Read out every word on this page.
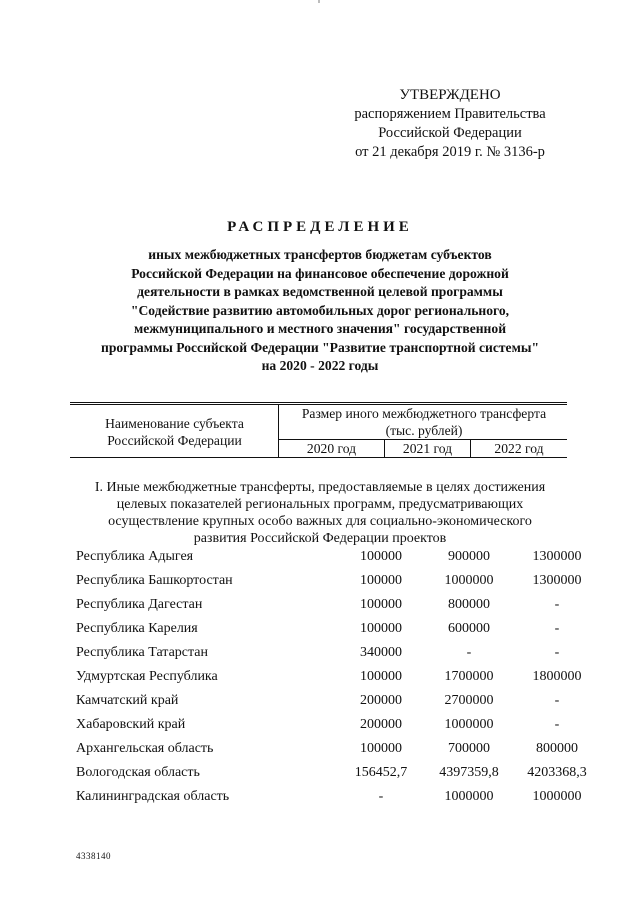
УТВЕРЖДЕНО
распоряжением Правительства
Российской Федерации
от 21 декабря 2019 г. № 3136-р
РАСПРЕДЕЛЕНИЕ
иных межбюджетных трансфертов бюджетам субъектов
Российской Федерации на финансовое обеспечение дорожной
деятельности в рамках ведомственной целевой программы
"Содействие развитию автомобильных дорог регионального,
межмуниципального и местного значения" государственной
программы Российской Федерации "Развитие транспортной системы"
на 2020 - 2022 годы
Наименование субъекта
Российской Федерации
Размер иного межбюджетного трансферта
(тыс. рублей)
2020 год	2021 год	2022 год
I. Иные межбюджетные трансферты, предоставляемые в целях достижения
целевых показателей региональных программ, предусматривающих
осуществление крупных особо важных для социально-экономического
развития Российской Федерации проектов
Республика Адыгея	100000	900000	1300000
Республика Башкортостан	100000	1000000	1300000
Республика Дагестан	100000	800000	-
Республика Карелия	100000	600000	-
Республика Татарстан	340000	-	-
Удмуртская Республика	100000	1700000	1800000
Камчатский край	200000	2700000	-
Хабаровский край	200000	1000000	-
Архангельская область	100000	700000	800000
Вологодская область	156452,7	4397359,8	4203368,3
Калининградская область	-	1000000	1000000
4338140
